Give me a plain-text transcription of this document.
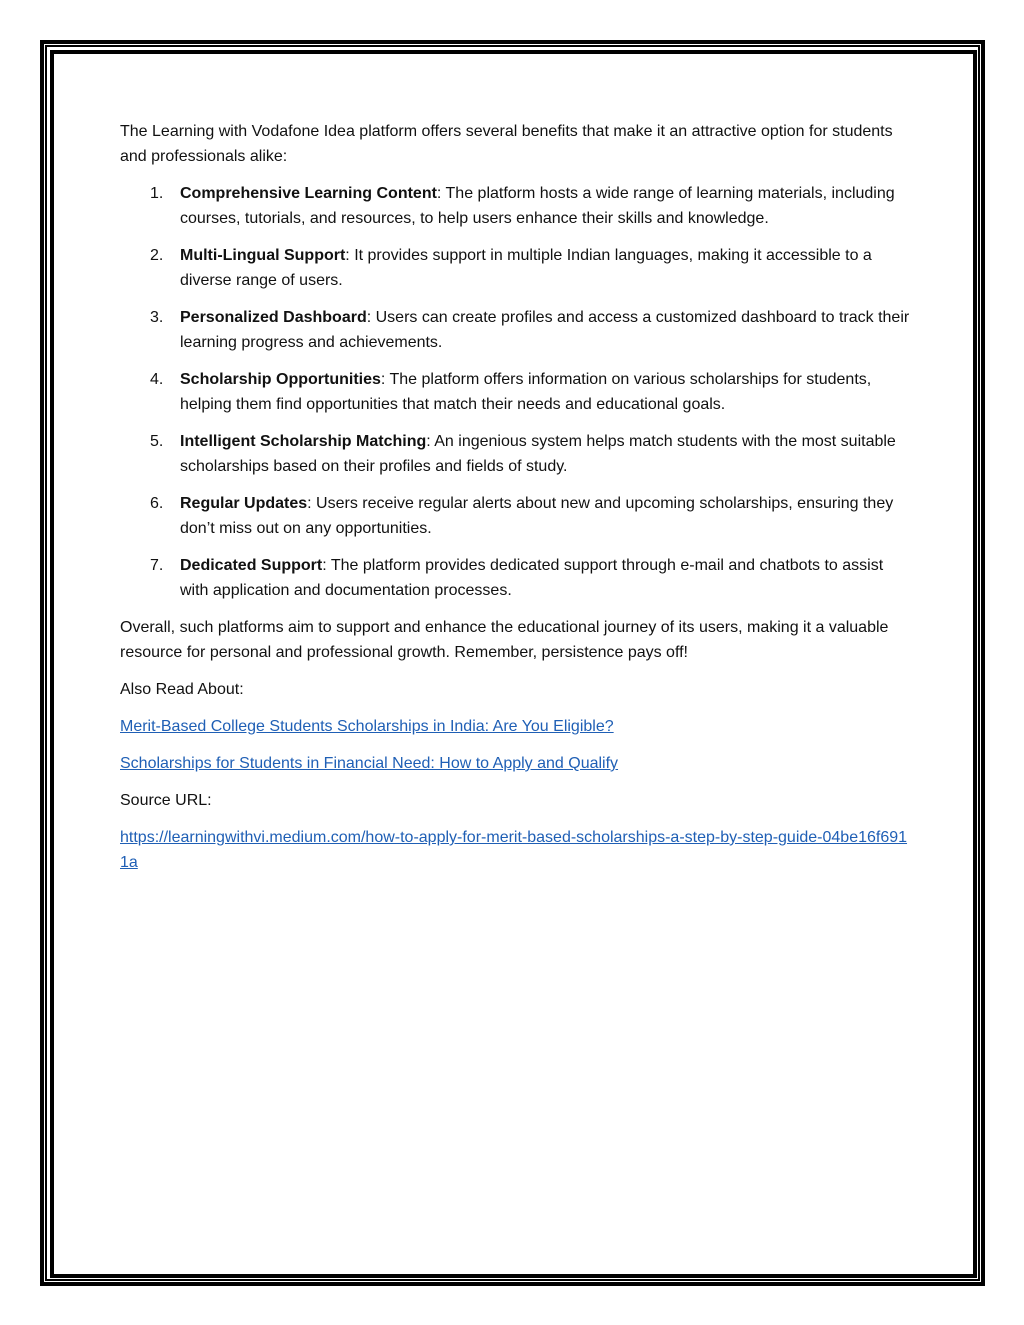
The Learning with Vodafone Idea platform offers several benefits that make it an attractive option for students and professionals alike:

1. Comprehensive Learning Content: The platform hosts a wide range of learning materials, including courses, tutorials, and resources, to help users enhance their skills and knowledge.
2. Multi-Lingual Support: It provides support in multiple Indian languages, making it accessible to a diverse range of users.
3. Personalized Dashboard: Users can create profiles and access a customized dashboard to track their learning progress and achievements.
4. Scholarship Opportunities: The platform offers information on various scholarships for students, helping them find opportunities that match their needs and educational goals.
5. Intelligent Scholarship Matching: An ingenious system helps match students with the most suitable scholarships based on their profiles and fields of study.
6. Regular Updates: Users receive regular alerts about new and upcoming scholarships, ensuring they don’t miss out on any opportunities.
7. Dedicated Support: The platform provides dedicated support through e-mail and chatbots to assist with application and documentation processes.

Overall, such platforms aim to support and enhance the educational journey of its users, making it a valuable resource for personal and professional growth. Remember, persistence pays off!

Also Read About:

Merit-Based College Students Scholarships in India: Are You Eligible?

Scholarships for Students in Financial Need: How to Apply and Qualify

Source URL:

https://learningwithvi.medium.com/how-to-apply-for-merit-based-scholarships-a-step-by-step-guide-04be16f6911a
